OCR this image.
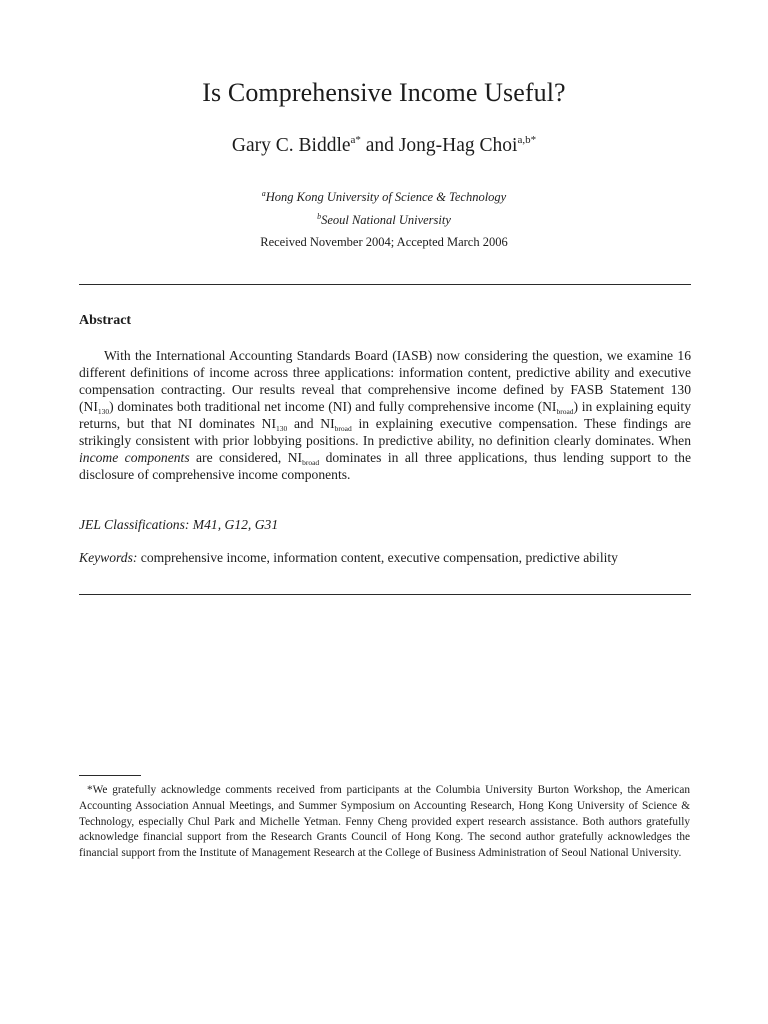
Is Comprehensive Income Useful?
Gary C. Biddle$^{a*}$ and Jong-Hag Choi$^{a,b*}$
$^a$Hong Kong University of Science & Technology
$^b$Seoul National University
Received November 2004; Accepted March 2006
Abstract

With the International Accounting Standards Board (IASB) now considering the question, we examine 16 different definitions of income across three applications: information content, predictive ability and executive compensation contracting. Our results reveal that comprehensive income defined by FASB Statement 130 $(NI_{130})$ dominates both traditional net income (NI) and fully comprehensive income $(NI_{broad})$ in explaining equity returns, but that NI dominates $NI_{130}$ and $NI_{broad}$ in explaining executive compensation. These findings are strikingly consistent with prior lobbying positions. In predictive ability, no definition clearly dominates. When income components are considered, $NI_{broad}$ dominates in all three applications, thus lending support to the disclosure of comprehensive income components.

JEL Classifications: M41, G12, G31
Keywords: comprehensive income, information content, executive compensation, predictive ability

*We gratefully acknowledge comments received from participants at the Columbia University Burton Workshop, the American Accounting Association Annual Meetings, and Summer Symposium on Accounting Research, Hong Kong University of Science & Technology, especially Chul Park and Michelle Yetman. Fenny Cheng provided expert research assistance. Both authors gratefully acknowledge financial support from the Research Grants Council of Hong Kong. The second author gratefully acknowledges the financial support from the Institute of Management Research at the College of Business Administration of Seoul National University.
